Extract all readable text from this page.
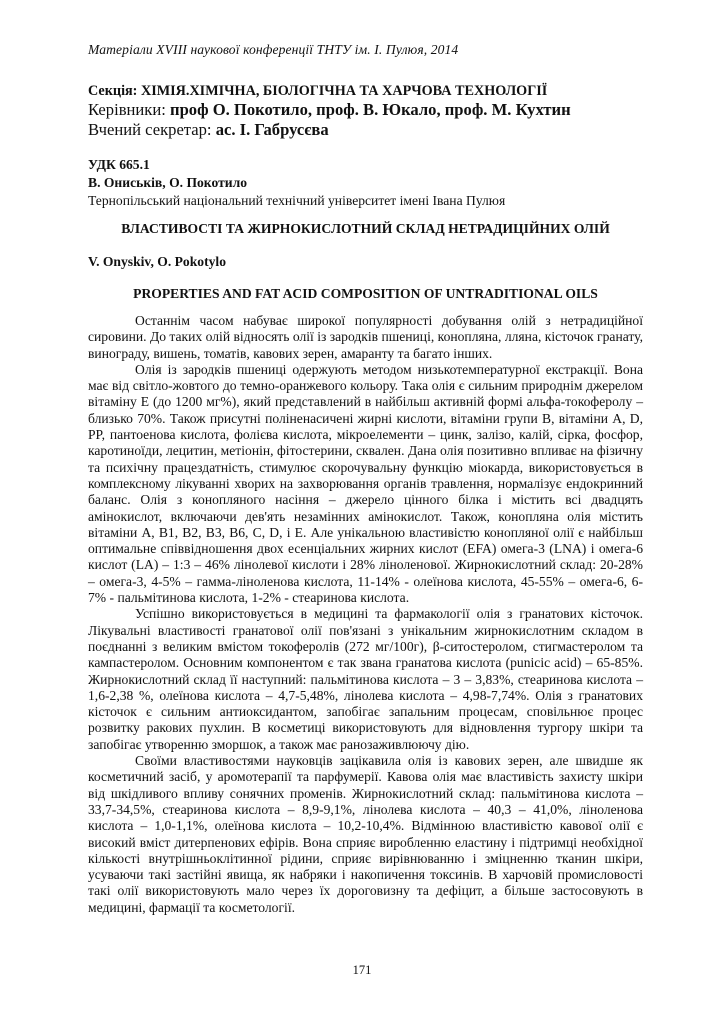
Матеріали XVIII наукової конференції ТНТУ ім. І. Пулюя, 2014
Секція: ХІМІЯ.ХІМІЧНА, БІОЛОГІЧНА ТА ХАРЧОВА ТЕХНОЛОГІЇ
Керівники: проф О. Покотило, проф. В. Юкало, проф. М. Кухтин
Вчений секретар: ас. І. Габрусєва
УДК 665.1
В. Ониськів, О. Покотило
Тернопільський національний технічний університет імені Івана Пулюя
ВЛАСТИВОСТІ ТА ЖИРНОКИСЛОТНИЙ СКЛАД НЕТРАДИЦІЙНИХ ОЛІЙ
V. Onyskiv, O. Pokotylo
PROPERTIES AND FAT ACID COMPOSITION OF UNTRADITIONAL OILS

Останнім часом набуває широкої популярності добування олій з нетрадиційної сировини. До таких олій відносять олії із зародків пшениці, конопляна, лляна, кісточок гранату, винограду, вишень, томатів, кавових зерен, амаранту та багато інших.

Олія із зародків пшениці одержують методом низькотемпературної екстракції. Вона має від світло-жовтого до темно-оранжевого кольору. Така олія є сильним природнім джерелом вітаміну Е (до 1200 мг%), який представлений в найбільш активній формі альфа-токоферолу – близько 70%. Також присутні поліненасичені жирні кислоти, вітаміни групи В, вітаміни А, D, PP, пантоенова кислота, фолієва кислота, мікроелементи – цинк, залізо, калій, сірка, фосфор, каротиноїди, лецитин, метіонін, фітостерини, сквален. Дана олія позитивно впливає на фізичну та психічну працездатність, стимулює скорочувальну функцію міокарда, використовується в комплексному лікуванні хворих на захворювання органів травлення, нормалізує ендокринний баланс. Олія з конопляного насіння – джерело цінного білка і містить всі двадцять амінокислот, включаючи дев'ять незамінних амінокислот. Також, конопляна олія містить вітаміни А, В1, В2, В3, В6, С, D, і Е. Але унікальною властивістю конопляної олії є найбільш оптимальне співвідношення двох есенціальних жирних кислот (EFA) омега-3 (LNA) і омега-6 кислот (LA) – 1:3 – 46% лінолевої кислоти і 28% ліноленової. Жирнокислотний склад: 20-28% – омега-3, 4-5% – гамма-ліноленова кислота, 11-14% - олеїнова кислота, 45-55% – омега-6, 6-7% - пальмітинова кислота, 1-2% - стеаринова кислота.

Успішно використовується в медицині та фармакології олія з гранатових кісточок. Лікувальні властивості гранатової олії пов'язані з унікальним жирнокислотним складом в поєднанні з великим вмістом токоферолів (272 мг/100г), β-ситостеролом, стигмастеролом та кампастеролом. Основним компонентом є так звана гранатова кислота (punicic acid) – 65-85%. Жирнокислотний склад її наступний: пальмітинова кислота – 3 – 3,83%, стеаринова кислота – 1,6-2,38 %, олеїнова кислота – 4,7-5,48%, лінолева кислота – 4,98-7,74%. Олія з гранатових кісточок є сильним антиоксидантом, запобігає запальним процесам, сповільнює процес розвитку ракових пухлин. В косметиці використовують для відновлення тургору шкіри та запобігає утворенню зморшок, а також має ранозаживлюючу дію.

Своїми властивостями науковців зацікавила олія із кавових зерен, але швидше як косметичний засіб, у аромотерапії та парфумерії. Кавова олія має властивість захисту шкіри від шкідливого впливу сонячних променів. Жирнокислотний склад: пальмітинова кислота – 33,7-34,5%, стеаринова кислота – 8,9-9,1%, лінолева кислота – 40,3 – 41,0%, ліноленова кислота – 1,0-1,1%, олеїнова кислота – 10,2-10,4%. Відмінною властивістю кавової олії є високий вміст дитерпенових ефірів. Вона сприяє виробленню еластину і підтримці необхідної кількості внутрішньоклітинної рідини, сприяє вирівнюванню і зміцненню тканин шкіри, усуваючи такі застійні явища, як набряки і накопичення токсинів. В харчовій промисловості такі олії використовують мало через їх дороговизну та дефіцит, а більше застосовують в медицині, фармації та косметології.

171
